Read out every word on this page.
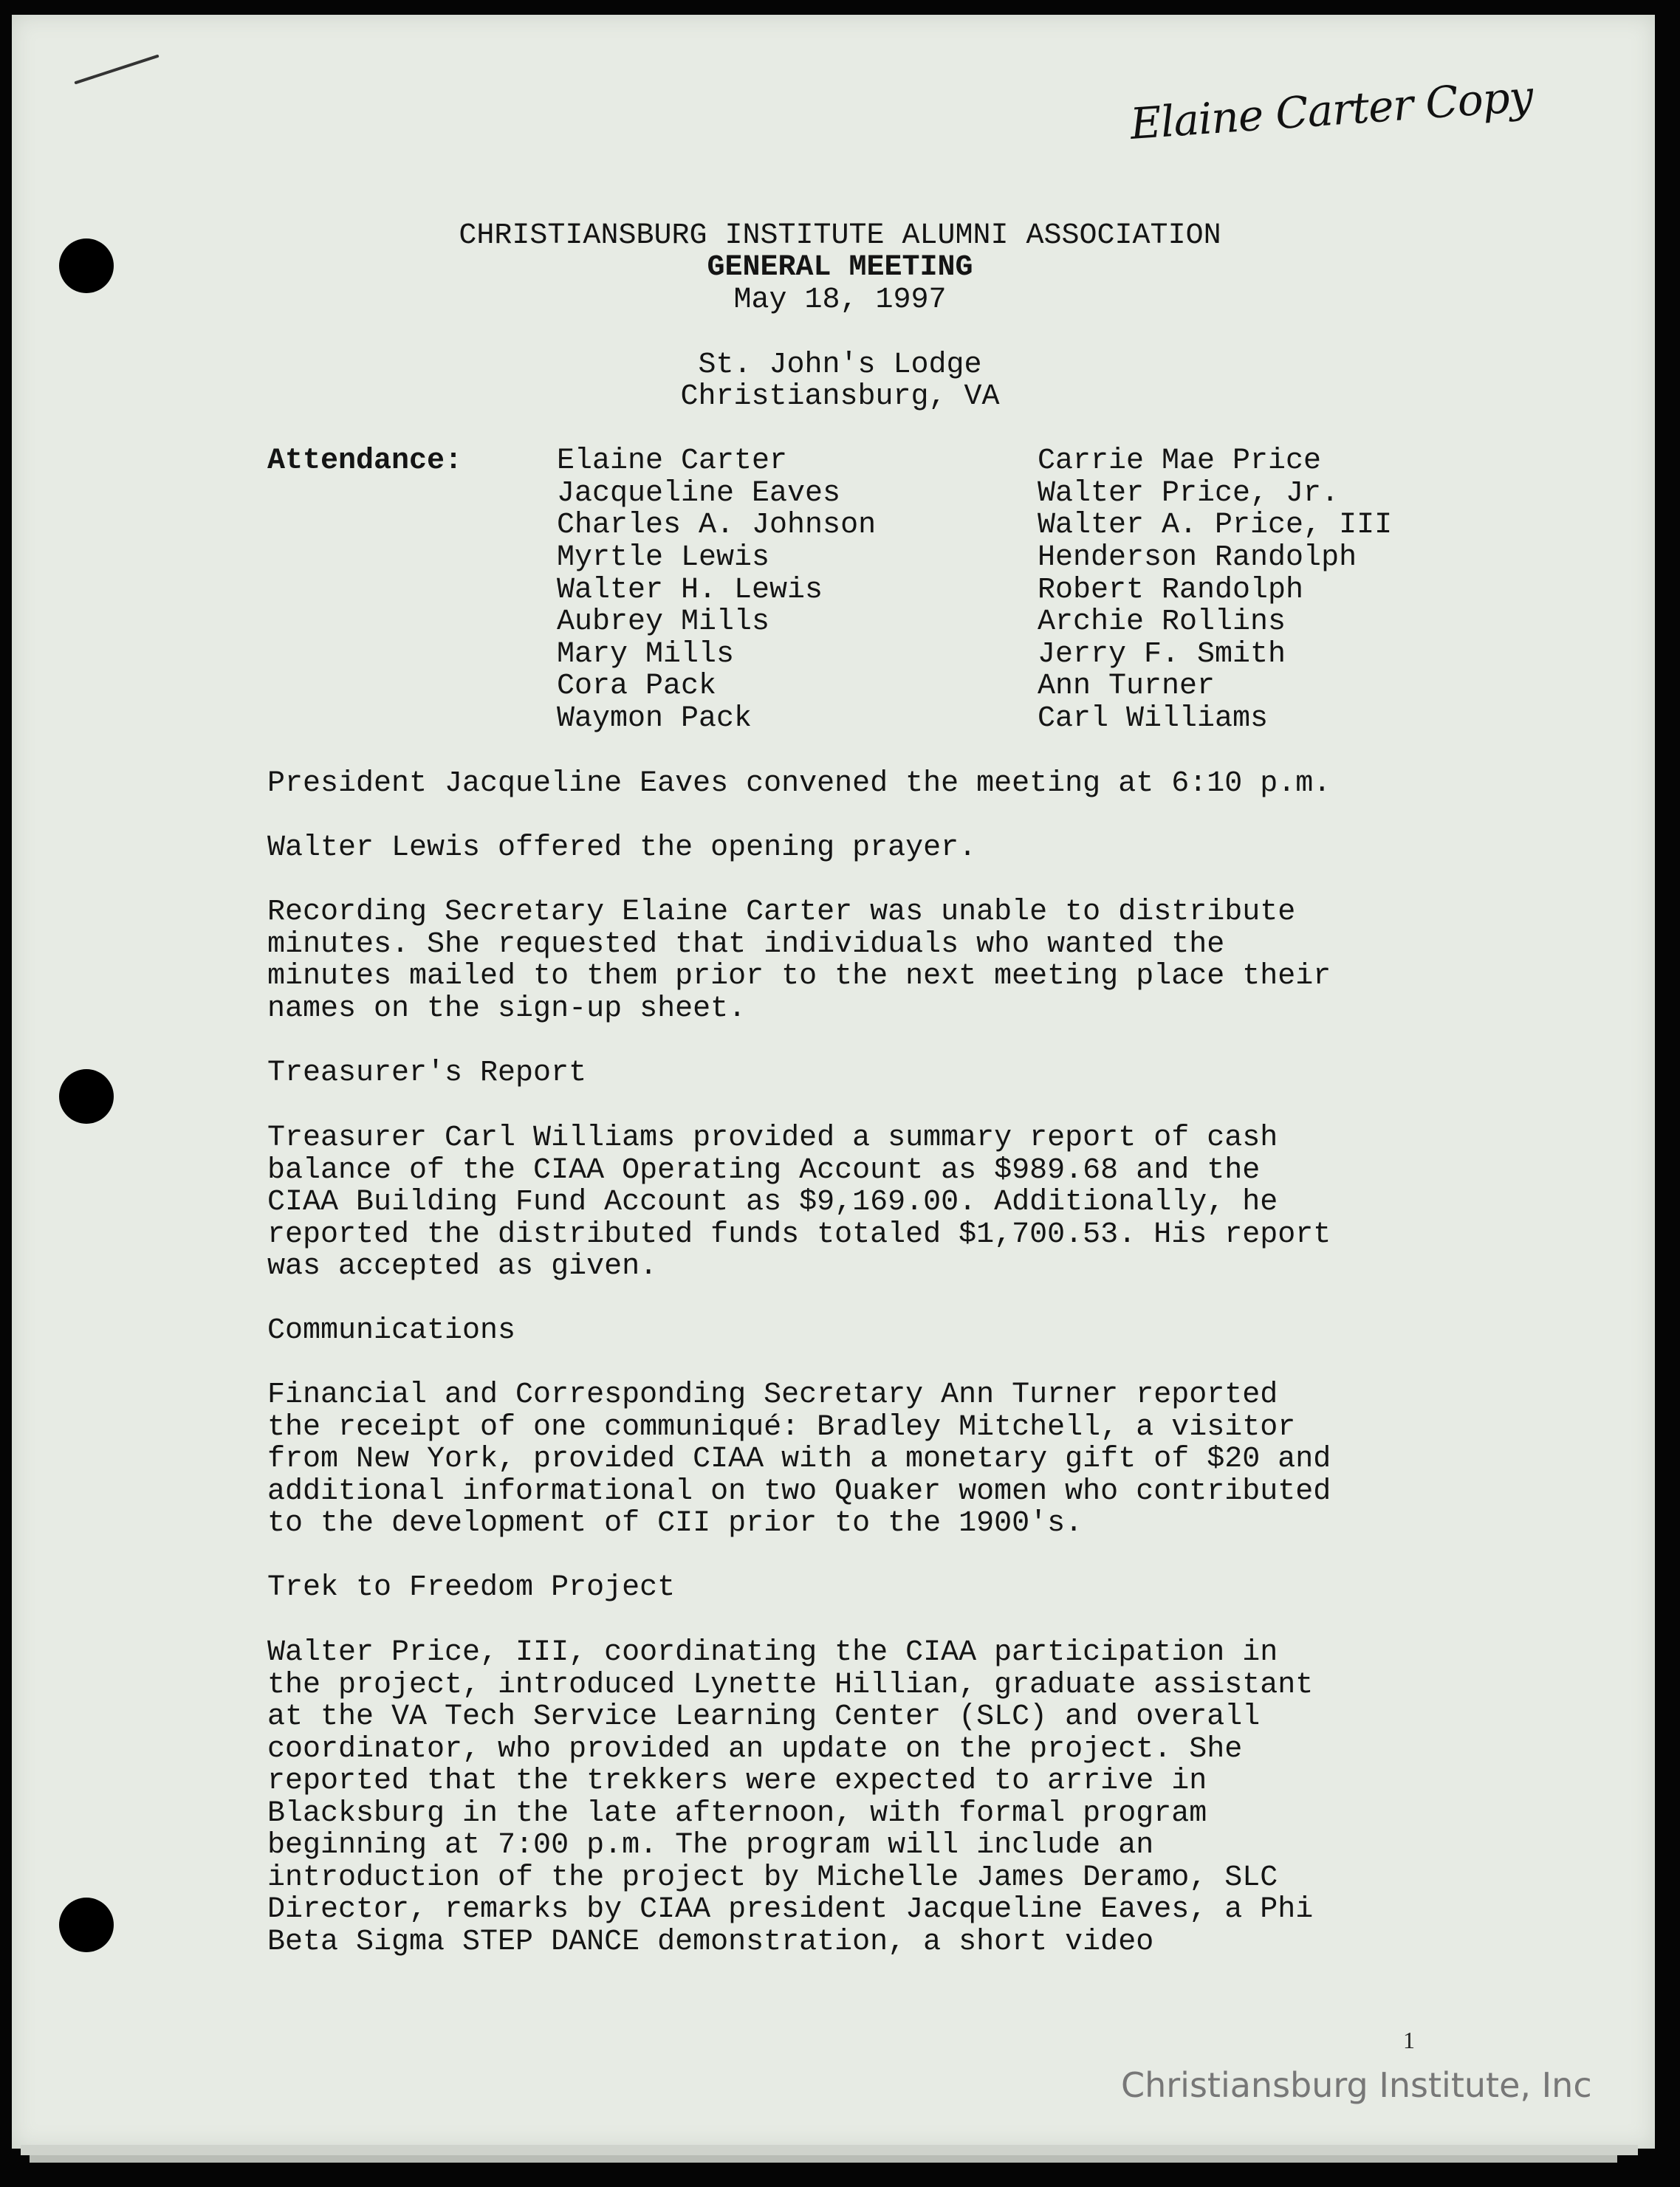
Elaine Carter Copy
CHRISTIANSBURG INSTITUTE ALUMNI ASSOCIATION
GENERAL MEETING
May 18, 1997
St. John's Lodge
Christiansburg, VA
Attendance:	Elaine Carter
Jacqueline Eaves
Charles A. Johnson
Myrtle Lewis
Walter H. Lewis
Aubrey Mills
Mary Mills
Cora Pack
Waymon Pack
Carrie Mae Price
Walter Price, Jr.
Walter A. Price, III
Henderson Randolph
Robert Randolph
Archie Rollins
Jerry F. Smith
Ann Turner
Carl Williams
President Jacqueline Eaves convened the meeting at 6:10 p.m.
Walter Lewis offered the opening prayer.
Recording Secretary Elaine Carter was unable to distribute
minutes. She requested that individuals who wanted the
minutes mailed to them prior to the next meeting place their
names on the sign-up sheet.
Treasurer's Report
Treasurer Carl Williams provided a summary report of cash
balance of the CIAA Operating Account as $989.68 and the
CIAA Building Fund Account as $9,169.00. Additionally, he
reported the distributed funds totaled $1,700.53. His report
was accepted as given.
Communications
Financial and Corresponding Secretary Ann Turner reported
the receipt of one communiqué: Bradley Mitchell, a visitor
from New York, provided CIAA with a monetary gift of $20 and
additional informational on two Quaker women who contributed
to the development of CII prior to the 1900's.
Trek to Freedom Project
Walter Price, III, coordinating the CIAA participation in
the project, introduced Lynette Hillian, graduate assistant
at the VA Tech Service Learning Center (SLC) and overall
coordinator, who provided an update on the project. She
reported that the trekkers were expected to arrive in
Blacksburg in the late afternoon, with formal program
beginning at 7:00 p.m. The program will include an
introduction of the project by Michelle James Deramo, SLC
Director, remarks by CIAA president Jacqueline Eaves, a Phi
Beta Sigma STEP DANCE demonstration, a short video
1
Christiansburg Institute, Inc
